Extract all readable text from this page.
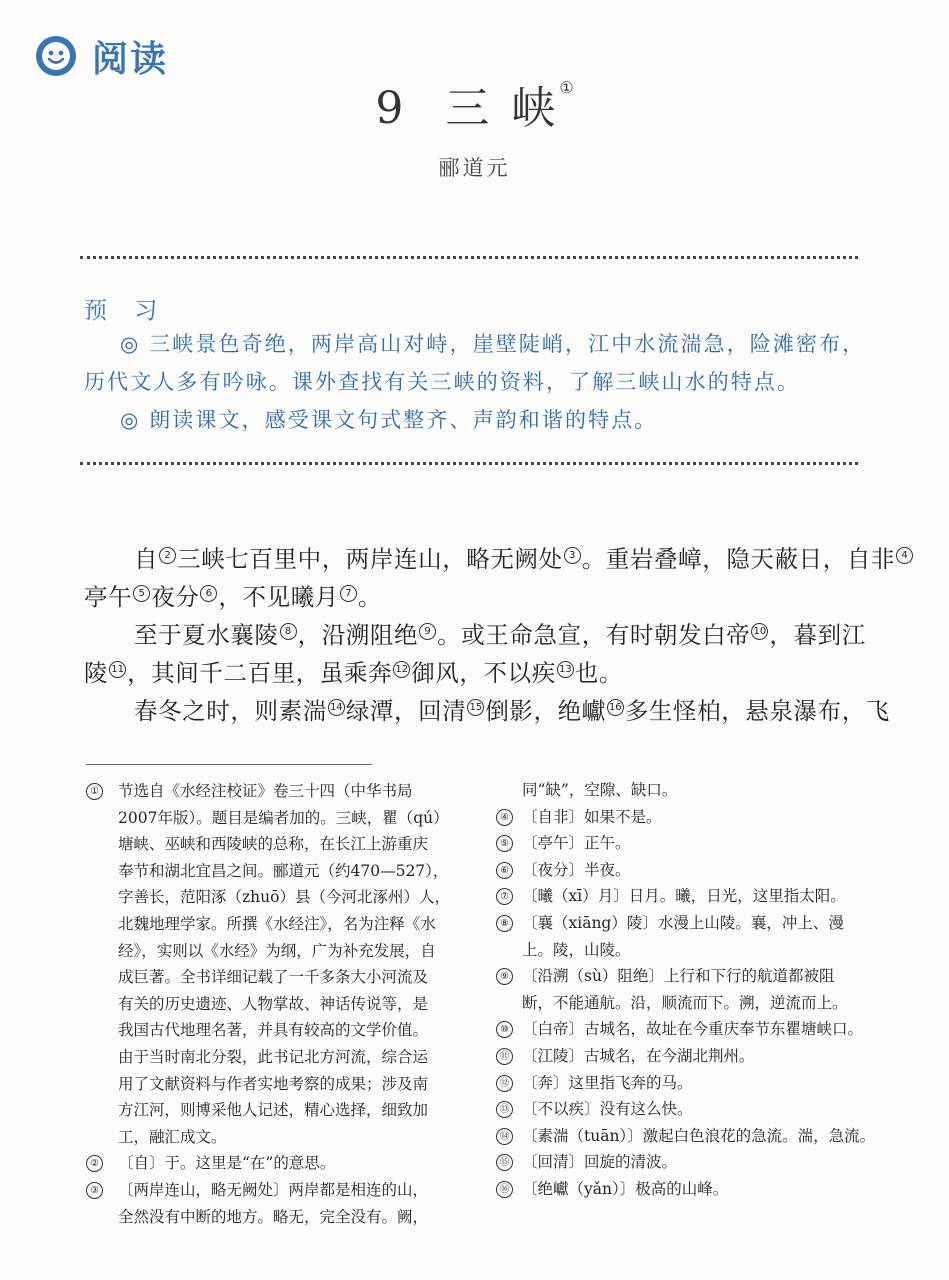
阅读
9 三 峡①
郦道元
预 习
◎ 三峡景色奇绝，两岸高山对峙，崖壁陡峭，江中水流湍急，险滩密布，
历代文人多有吟咏。课外查找有关三峡的资料，了解三峡山水的特点。
◎ 朗读课文，感受课文句式整齐、声韵和谐的特点。
自 2 三峡七百里中，两岸连山，略无阙处 3 。重岩叠嶂，隐天蔽日，自非 4
亭午 5 夜分 6 ，不见曦月 7 。
至于夏水襄陵 8 ，沿溯阻绝 9 。或王命急宣，有时朝发白帝 10 ，暮到江
陵 11 ，其间千二百里，虽乘奔 12 御风，不以疾 13 也。
春冬之时，则素湍 14 绿潭，回清 15 倒影，绝巘 16 多生怪柏，悬泉瀑布，飞
①	节选自《水经注校证》卷三十四（中华书局
2007年版）。题目是编者加的。三峡，瞿（qú）
塘峡、巫峡和西陵峡的总称，在长江上游重庆
奉节和湖北宜昌之间。郦道元（约470—527），
字善长，范阳涿（zhuō）县（今河北涿州）人，
北魏地理学家。所撰《水经注》，名为注释《水
经》，实则以《水经》为纲，广为补充发展，自
成巨著。全书详细记载了一千多条大小河流及
有关的历史遗迹、人物掌故、神话传说等，是
我国古代地理名著，并具有较高的文学价值。
由于当时南北分裂，此书记北方河流，综合运
用了文献资料与作者实地考察的成果；涉及南
方江河，则博采他人记述，精心选择，细致加
工，融汇成文。
②	〔自〕于。这里是“在”的意思。
③	〔两岸连山，略无阙处〕两岸都是相连的山，
全然没有中断的地方。略无，完全没有。阙，
同“缺”，空隙、缺口。
④ 〔自非〕如果不是。
⑤ 〔亭午〕正午。
⑥ 〔夜分〕半夜。
⑦ 〔曦（xī）月〕日月。曦，日光，这里指太阳。
⑧ 〔襄（xiāng）陵〕水漫上山陵。襄，冲上、漫
上。陵，山陵。
⑨ 〔沿溯（sù）阻绝〕上行和下行的航道都被阻
断，不能通航。沿，顺流而下。溯，逆流而上。
⑩ 〔白帝〕古城名，故址在今重庆奉节东瞿塘峡口。
⑪ 〔江陵〕古城名，在今湖北荆州。
⑫ 〔奔〕这里指飞奔的马。
⑬ 〔不以疾〕没有这么快。
⑭ 〔素湍（tuān）〕激起白色浪花的急流。湍，急流。
⑮ 〔回清〕回旋的清波。
⑯ 〔绝巘（yǎn）〕极高的山峰。
